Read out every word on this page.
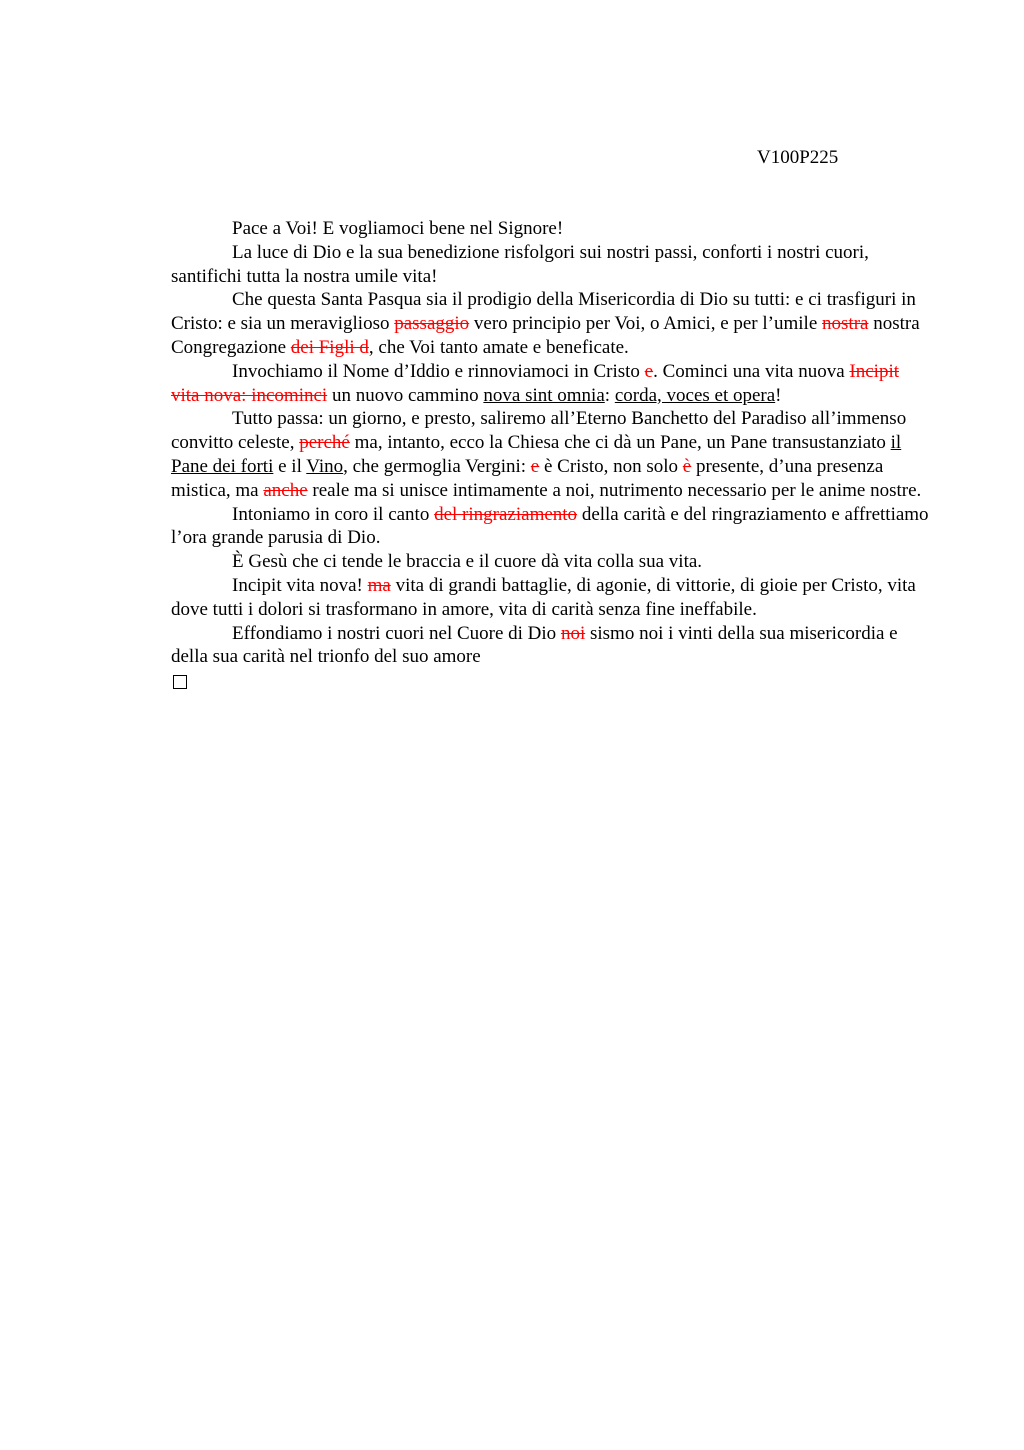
V100P225

Pace a Voi! E vogliamoci bene nel Signore!

La luce di Dio e la sua benedizione risfolgori sui nostri passi, conforti i nostri cuori, santifichi tutta la nostra umile vita!

Che questa Santa Pasqua sia il prodigio della Misericordia di Dio su tutti: e ci trasfiguri in Cristo: e sia un meraviglioso passaggio vero principio per Voi, o Amici, e per l’umile nostra nostra Congregazione dei Figli d, che Voi tanto amate e beneficate.

Invochiamo il Nome d’Iddio e rinnoviamoci in Cristo e. Cominci una vita nuova Incipit vita nova: incominci un nuovo cammino nova sint omnia: corda, voces et opera!

Tutto passa: un giorno, e presto, saliremo all’Eterno Banchetto del Paradiso all’immenso convitto celeste, perché ma, intanto, ecco la Chiesa che ci dà un Pane, un Pane transustanziato il Pane dei forti e il Vino, che germoglia Vergini: e è Cristo, non solo è presente, d’una presenza mistica, ma anche reale ma si unisce intimamente a noi, nutrimento necessario per le anime nostre.

Intoniamo in coro il canto del ringraziamento della carità e del ringraziamento e affrettiamo l’ora grande parusia di Dio.

È Gesù che ci tende le braccia e il cuore dà vita colla sua vita.

Incipit vita nova! ma vita di grandi battaglie, di agonie, di vittorie, di gioie per Cristo, vita dove tutti i dolori si trasformano in amore, vita di carità senza fine ineffabile.

Effondiamo i nostri cuori nel Cuore di Dio noi sismo noi i vinti della sua misericordia e della sua carità nel trionfo del suo amore
